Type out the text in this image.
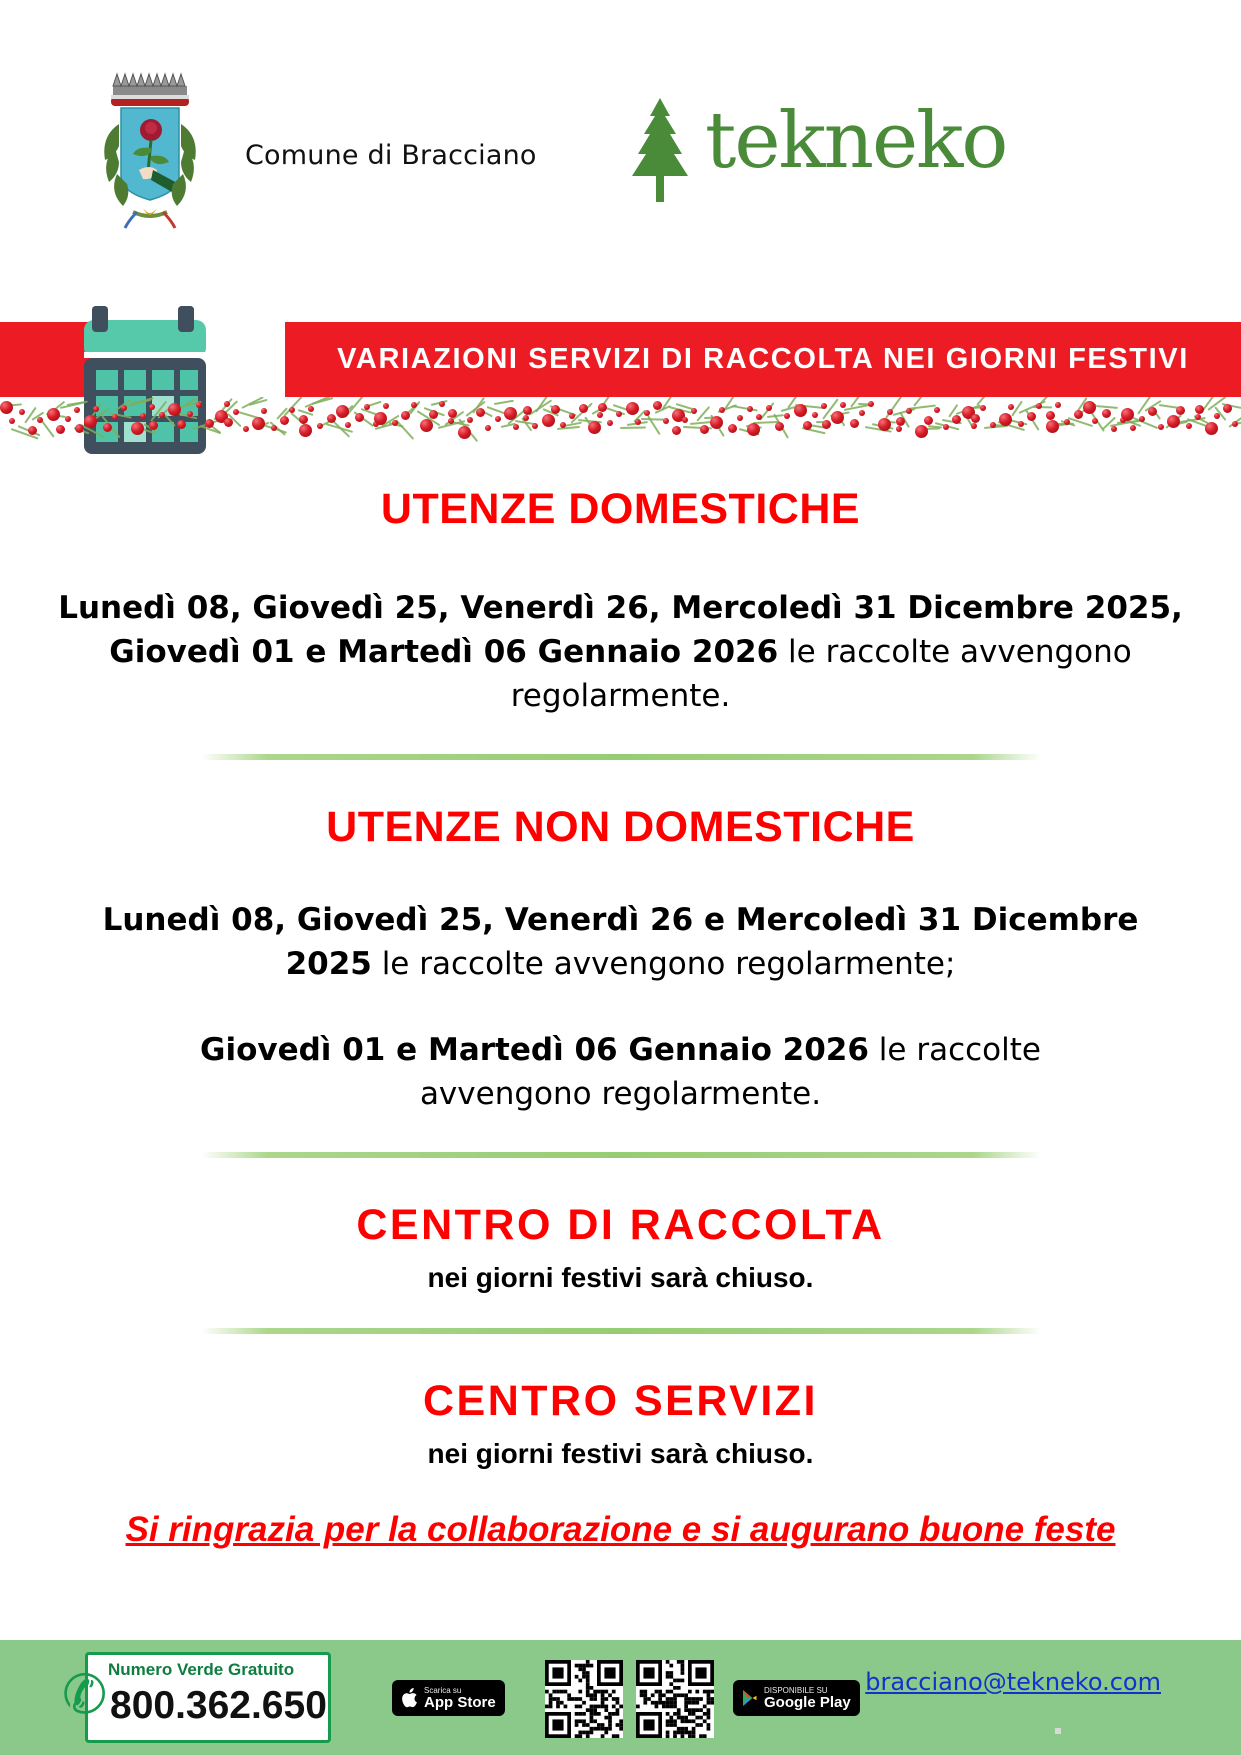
Comune di Bracciano tekneko
VARIAZIONI SERVIZI DI RACCOLTA NEI GIORNI FESTIVI
UTENZE DOMESTICHE

Lunedì 08, Giovedì 25, Venerdì 26, Mercoledì 31 Dicembre 2025, Giovedì 01 e Martedì 06 Gennaio 2026 le raccolte avvengono regolarmente.

UTENZE NON DOMESTICHE

Lunedì 08, Giovedì 25, Venerdì 26 e Mercoledì 31 Dicembre 2025 le raccolte avvengono regolarmente;

Giovedì 01 e Martedì 06 Gennaio 2026 le raccolte avvengono regolarmente.

CENTRO DI RACCOLTA

nei giorni festivi sarà chiuso.

CENTRO SERVIZI

nei giorni festivi sarà chiuso.

Si ringrazia per la collaborazione e si augurano buone feste

✆ Numero Verde Gratuito
800.362.650	Scarica su
App Store
DISPONIBILE SU
Google Play
bracciano@tekneko.com
